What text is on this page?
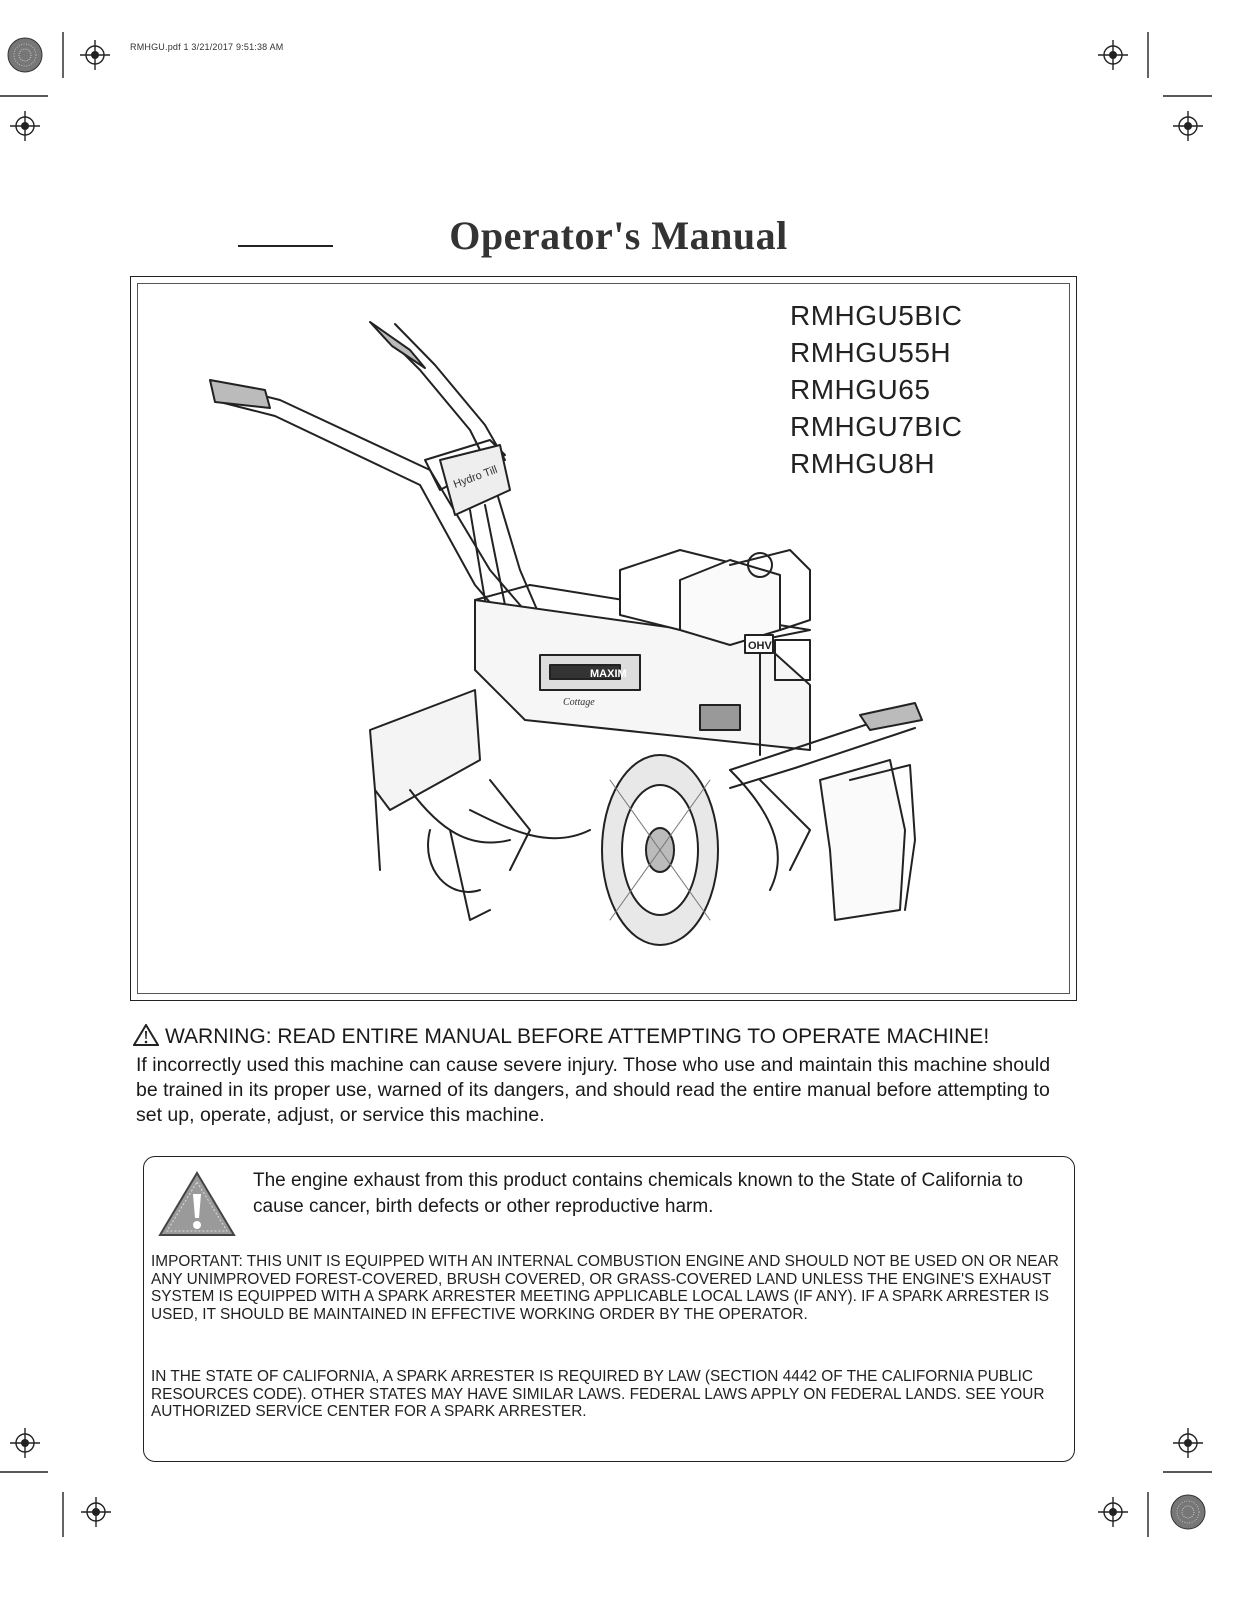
RMHGU.pdf 1 3/21/2017 9:51:38 AM
Operator's Manual
RMHGU5BIC
RMHGU55H
RMHGU65
RMHGU7BIC
RMHGU8H
MAXIM
Cottage
Hydro Till
OHV
WARNING: READ ENTIRE MANUAL BEFORE ATTEMPTING TO OPERATE MACHINE!
If incorrectly used this machine can cause severe injury. Those who use and maintain this machine should be trained in its proper use, warned of its dangers, and should read the entire manual before attempting to set up, operate, adjust, or service this machine.
The engine exhaust from this product contains chemicals known to the State of California to cause cancer, birth defects or other reproductive harm.
IMPORTANT: THIS UNIT IS EQUIPPED WITH AN INTERNAL COMBUSTION ENGINE AND SHOULD NOT BE USED ON OR NEAR ANY UNIMPROVED FOREST-COVERED, BRUSH COVERED, OR GRASS-COVERED LAND UNLESS THE ENGINE'S EXHAUST SYSTEM IS EQUIPPED WITH A SPARK ARRESTER MEETING APPLICABLE LOCAL LAWS (IF ANY). IF A SPARK ARRESTER IS USED, IT SHOULD BE MAINTAINED IN EFFECTIVE WORKING ORDER BY THE OPERATOR.
IN THE STATE OF CALIFORNIA, A SPARK ARRESTER IS REQUIRED BY LAW (SECTION 4442 OF THE CALIFORNIA PUBLIC RESOURCES CODE). OTHER STATES MAY HAVE SIMILAR LAWS. FEDERAL LAWS APPLY ON FEDERAL LANDS. SEE YOUR AUTHORIZED SERVICE CENTER FOR A SPARK ARRESTER.
